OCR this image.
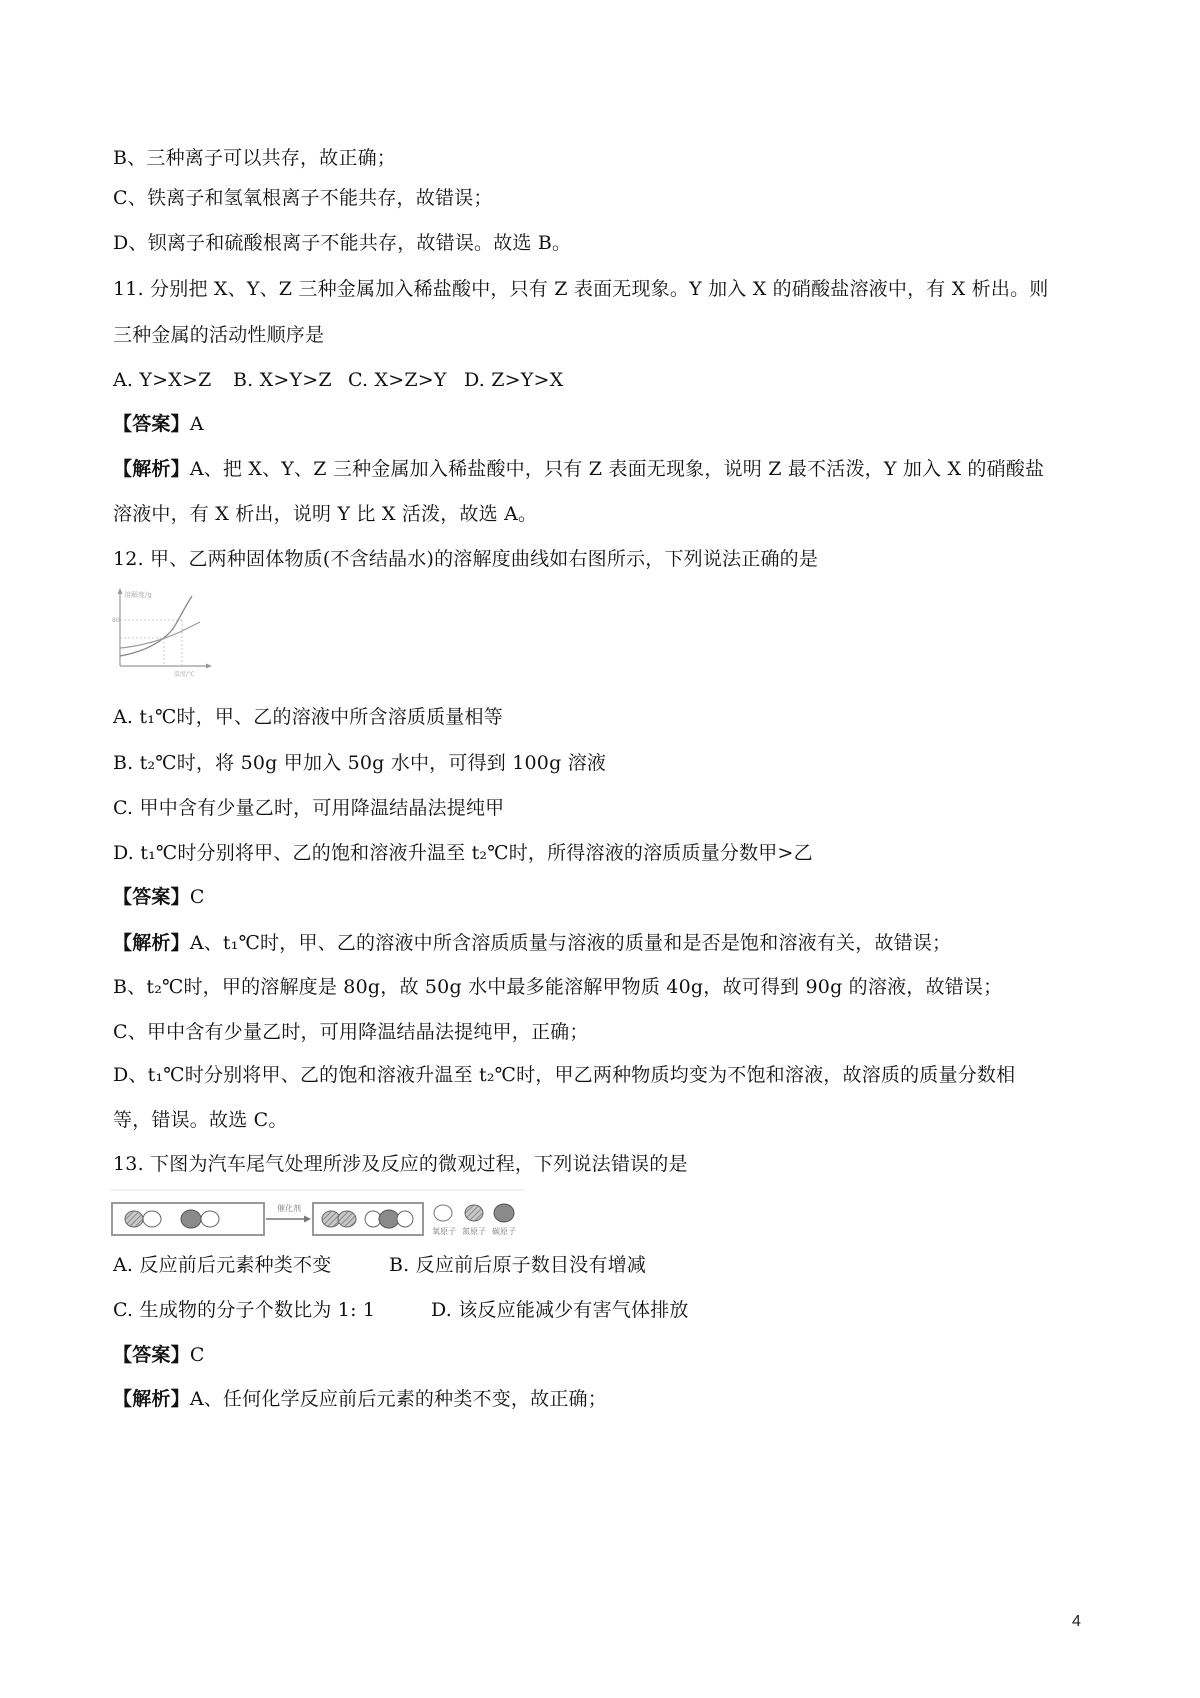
B、三种离子可以共存，故正确；
C、铁离子和氢氧根离子不能共存，故错误；
D、钡离子和硫酸根离子不能共存，故错误。故选 B。
11. 分别把 X、Y、Z 三种金属加入稀盐酸中，只有 Z 表面无现象。Y 加入 X 的硝酸盐溶液中，有 X 析出。则
三种金属的活动性顺序是
A. Y>X>Z B. X>Y>Z C. X>Z>Y D. Z>Y>X
【答案】A
【解析】A、把 X、Y、Z 三种金属加入稀盐酸中，只有 Z 表面无现象，说明 Z 最不活泼，Y 加入 X 的硝酸盐
溶液中，有 X 析出，说明 Y 比 X 活泼，故选 A。
12. 甲、乙两种固体物质(不含结晶水)的溶解度曲线如右图所示，下列说法正确的是
溶解度/g
80
温度/℃
A. t₁℃时，甲、乙的溶液中所含溶质质量相等
B. t₂℃时，将 50g 甲加入 50g 水中，可得到 100g 溶液
C. 甲中含有少量乙时，可用降温结晶法提纯甲
D. t₁℃时分别将甲、乙的饱和溶液升温至 t₂℃时，所得溶液的溶质质量分数甲>乙
【答案】C
【解析】A、t₁℃时，甲、乙的溶液中所含溶质质量与溶液的质量和是否是饱和溶液有关，故错误；
B、t₂℃时，甲的溶解度是 80g，故 50g 水中最多能溶解甲物质 40g，故可得到 90g 的溶液，故错误；
C、甲中含有少量乙时，可用降温结晶法提纯甲，正确；
D、t₁℃时分别将甲、乙的饱和溶液升温至 t₂℃时，甲乙两种物质均变为不饱和溶液，故溶质的质量分数相
等，错误。故选 C。
13. 下图为汽车尾气处理所涉及反应的微观过程，下列说法错误的是
催化剂
氧原子 氮原子 碳原子
A. 反应前后元素种类不变	B. 反应前后原子数目没有增减
C. 生成物的分子个数比为 1: 1	D. 该反应能减少有害气体排放
【答案】C
【解析】A、任何化学反应前后元素的种类不变，故正确；
4
